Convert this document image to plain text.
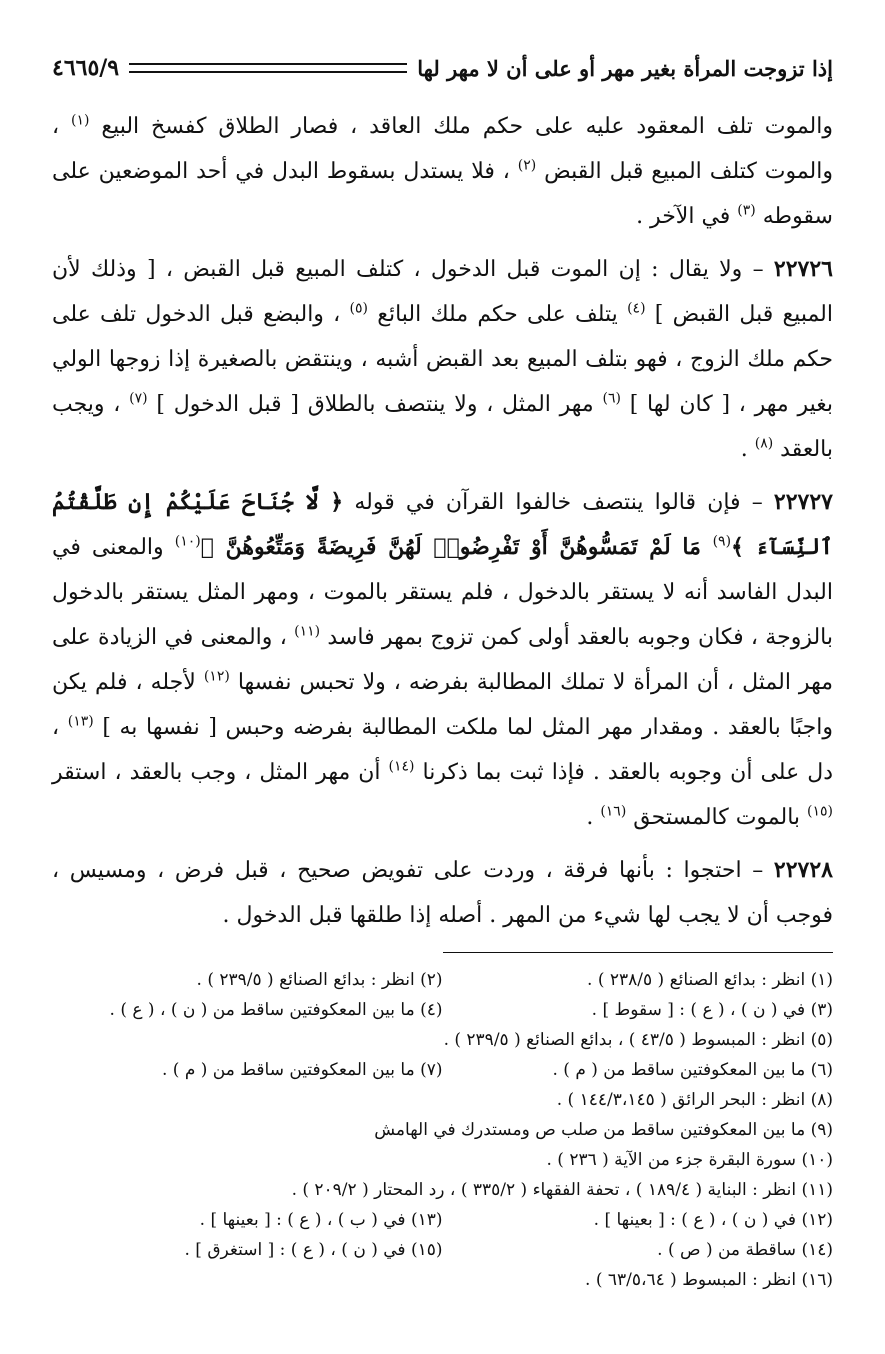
إذا تزوجت المرأة بغير مهر أو على أن لا مهر لها
٤٦٦٥/٩

والموت تلف المعقود عليه على حكم ملك العاقد ، فصار الطلاق كفسخ البيع $^{(١)}$ ، والموت كتلف المبيع قبل القبض $^{(٢)}$ ، فلا يستدل بسقوط البدل في أحد الموضعين على سقوطه $^{(٣)}$ في الآخر .

٢٢٧٢٦ – ولا يقال : إن الموت قبل الدخول ، كتلف المبيع قبل القبض ، [ وذلك لأن المبيع قبل القبض ] $^{(٤)}$ يتلف على حكم ملك البائع $^{(٥)}$ ، والبضع قبل الدخول تلف على حكم ملك الزوج ، فهو بتلف المبيع بعد القبض أشبه ، وينتقض بالصغيرة إذا زوجها الولي بغير مهر ، [ كان لها ] $^{(٦)}$ مهر المثل ، ولا ينتصف بالطلاق [ قبل الدخول ] $^{(٧)}$ ، ويجب بالعقد $^{(٨)}$ .

٢٢٧٢٧ – فإن قالوا ينتصف خالفوا القرآن في قوله ﴿ لَّا جُنَاحَ عَلَيْكُمْ إِن طَلَّقْتُمُ ٱلنِّسَآءَ ﴾$^{(٩)}$ مَا لَمْ تَمَسُّوهُنَّ أَوْ تَفْرِضُوا۟ لَهُنَّ فَرِيضَةً وَمَتِّعُوهُنَّ ﴾$^{(١٠)}$ والمعنى في البدل الفاسد أنه لا يستقر بالدخول ، فلم يستقر بالموت ، ومهر المثل يستقر بالدخول بالزوجة ، فكان وجوبه بالعقد أولى كمن تزوج بمهر فاسد $^{(١١)}$ ، والمعنى في الزيادة على مهر المثل ، أن المرأة لا تملك المطالبة بفرضه ، ولا تحبس نفسها $^{(١٢)}$ لأجله ، فلم يكن واجبًا بالعقد . ومقدار مهر المثل لما ملكت المطالبة بفرضه وحبس [ نفسها به ] $^{(١٣)}$ ، دل على أن وجوبه بالعقد . فإذا ثبت بما ذكرنا $^{(١٤)}$ أن مهر المثل ، وجب بالعقد ، استقر $^{(١٥)}$ بالموت كالمستحق $^{(١٦)}$ .

٢٢٧٢٨ – احتجوا : بأنها فرقة ، وردت على تفويض صحيح ، قبل فرض ، ومسيس ، فوجب أن لا يجب لها شيء من المهر . أصله إذا طلقها قبل الدخول .

(١) انظر : بدائع الصنائع ( ٢٣٨/٥ ) .
(٢) انظر : بدائع الصنائع ( ٢٣٩/٥ ) .
(٣) في ( ن ) ، ( ع ) : [ سقوط ] .
(٤) ما بين المعكوفتين ساقط من ( ن ) ، ( ع ) .
(٥) انظر : المبسوط ( ٤٣/٥ ) ، بدائع الصنائع ( ٢٣٩/٥ ) .
(٦) ما بين المعكوفتين ساقط من ( م ) .
(٧) ما بين المعكوفتين ساقط من ( م ) .
(٨) انظر : البحر الرائق ( ١٤٤/٣،١٤٥ ) .
(٩) ما بين المعكوفتين ساقط من صلب ص ومستدرك في الهامش
(١٠) سورة البقرة جزء من الآية ( ٢٣٦ ) .
(١١) انظر : البناية ( ١٨٩/٤ ) ، تحفة الفقهاء ( ٣٣٥/٢ ) ، رد المحتار ( ٢٠٩/٢ ) .
(١٢) في ( ن ) ، ( ع ) : [ بعينها ] .
(١٣) في ( ب ) ، ( ع ) : [ بعينها ] .
(١٤) ساقطة من ( ص ) .
(١٥) في ( ن ) ، ( ع ) : [ استغرق ] .
(١٦) انظر : المبسوط ( ٦٣/٥،٦٤ ) .
